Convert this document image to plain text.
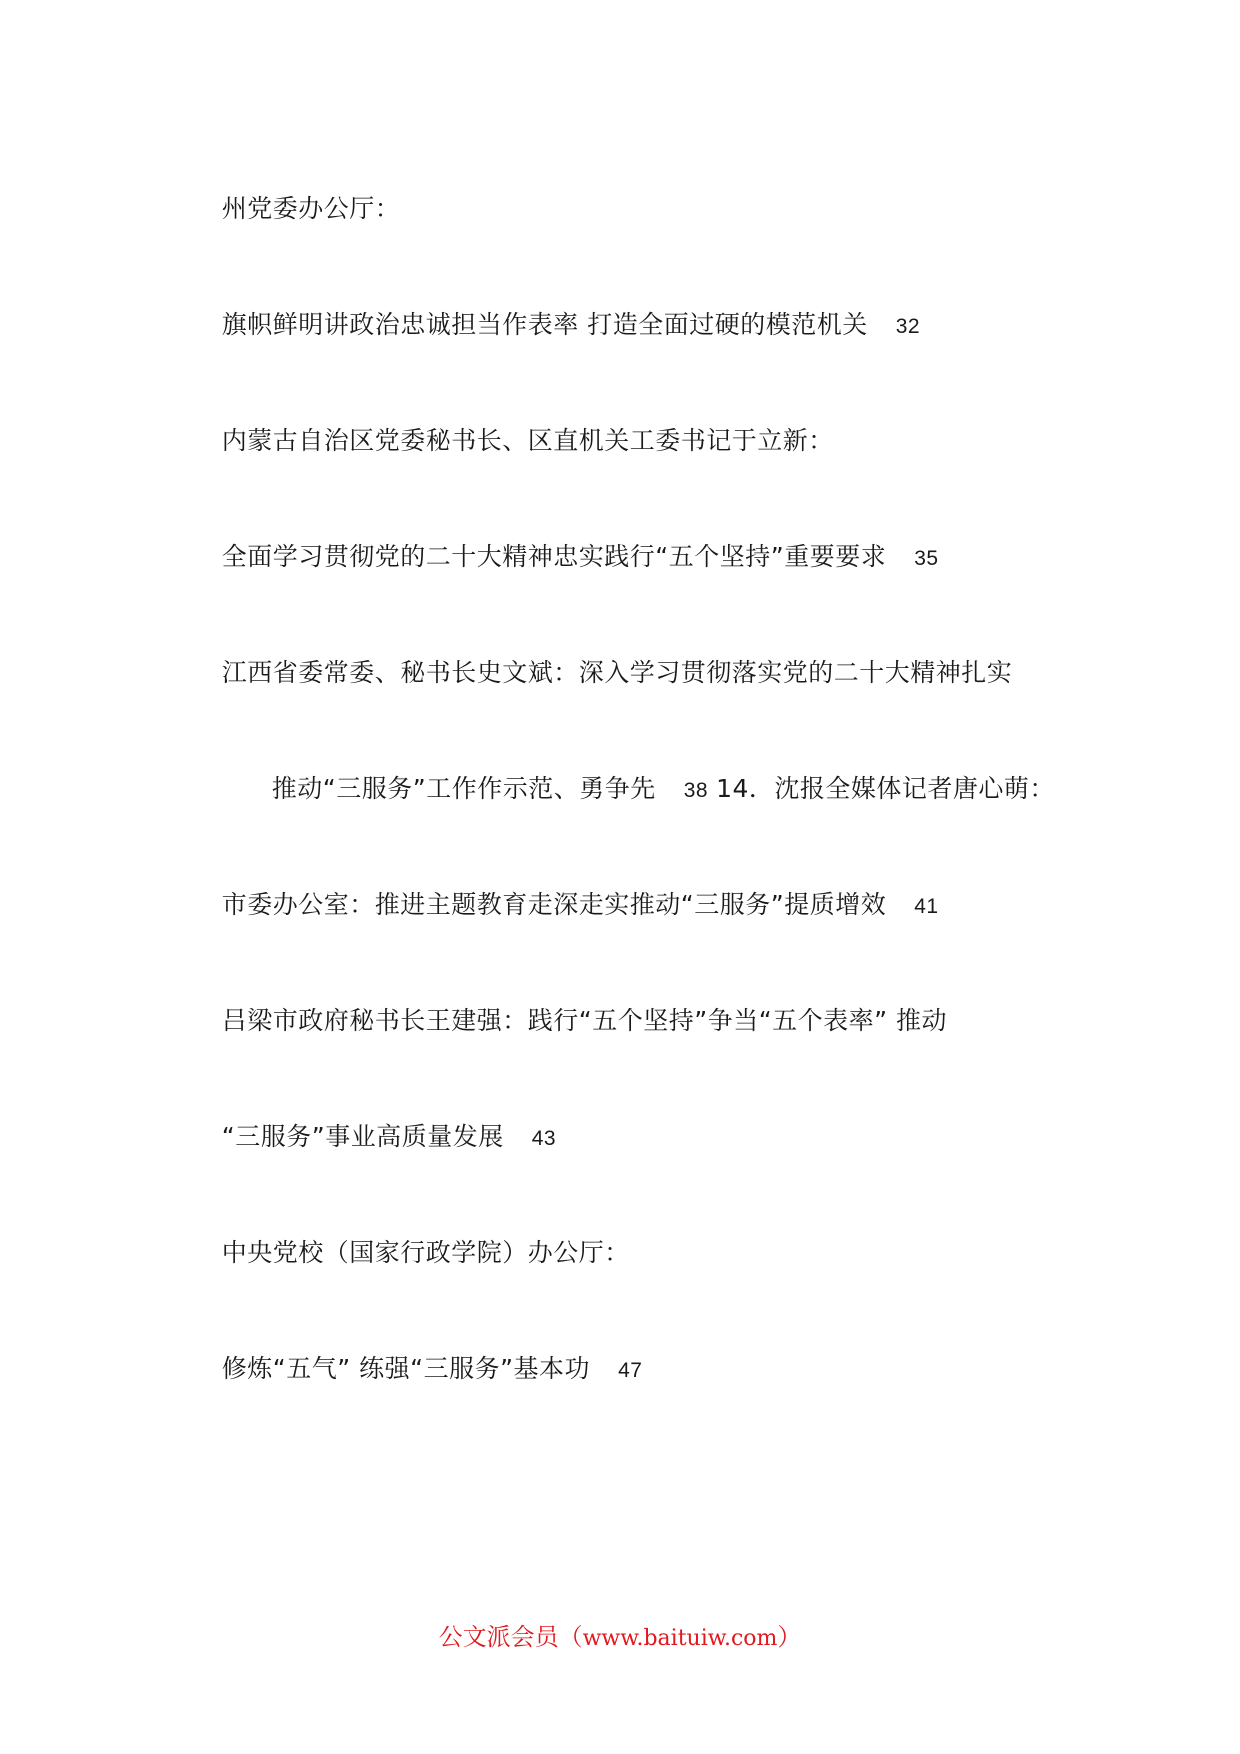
州党委办公厅：

旗帜鲜明讲政治忠诚担当作表率 打造全面过硬的模范机关 32

内蒙古自治区党委秘书长、区直机关工委书记于立新：

全面学习贯彻党的二十大精神忠实践行“五个坚持”重要要求 35

江西省委常委、秘书长史文斌：深入学习贯彻落实党的二十大精神扎实

推动“三服务”工作作示范、勇争先 38 14．沈报全媒体记者唐心萌：

市委办公室：推进主题教育走深走实推动“三服务”提质增效 41

吕梁市政府秘书长王建强：践行“五个坚持”争当“五个表率” 推动

“三服务”事业高质量发展 43

中央党校（国家行政学院）办公厅：

修炼“五气” 练强“三服务”基本功 47

公文派会员（www.baituiw.com）
